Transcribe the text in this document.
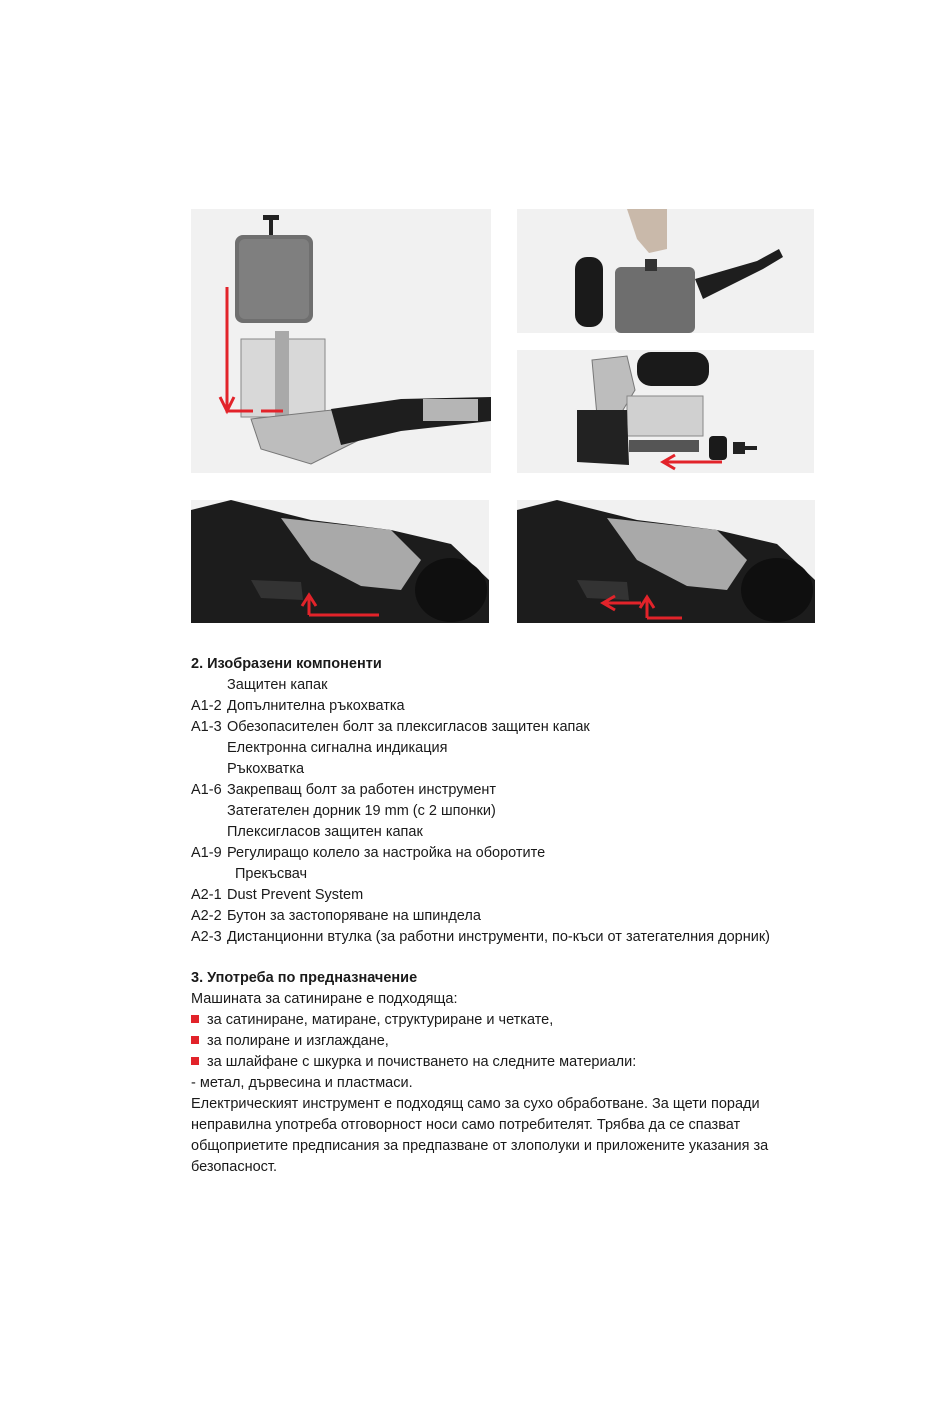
2. Изобразени компоненти

Защитен капак
A1-2 Допълнителна ръкохватка
A1-3 Обезопасителен болт за плексигласов защитен капак
Електронна сигнална индикация
Ръкохватка
A1-6 Закрепващ болт за работен инструмент
Затегателен дорник 19 mm (с 2 шпонки)
Плексигласов защитен капак
A1-9 Регулиращо колело за настройка на оборотите
Прекъсвач
A2-1 Dust Prevent System
A2-2 Бутон за застопоряване на шпиндела
A2-3 Дистанционни втулка (за работни инструменти, по-къси от затегателния дорник)

3. Употреба по предназначение

Машината за сатиниране е подходяща:

за сатиниране, матиране, структуриране и четкате,
за полиране и изглаждане,
за шлайфане с шкурка и почистването на следните материали:

- метал, дървесина и пластмаси.

Електрическият инструмент е подходящ само за сухо обработване. За щети поради
неправилна употреба отговорност носи само потребителят. Трябва да се спазват
общоприетите предписания за предпазване от злополуки и приложените указания за
безопасност.
